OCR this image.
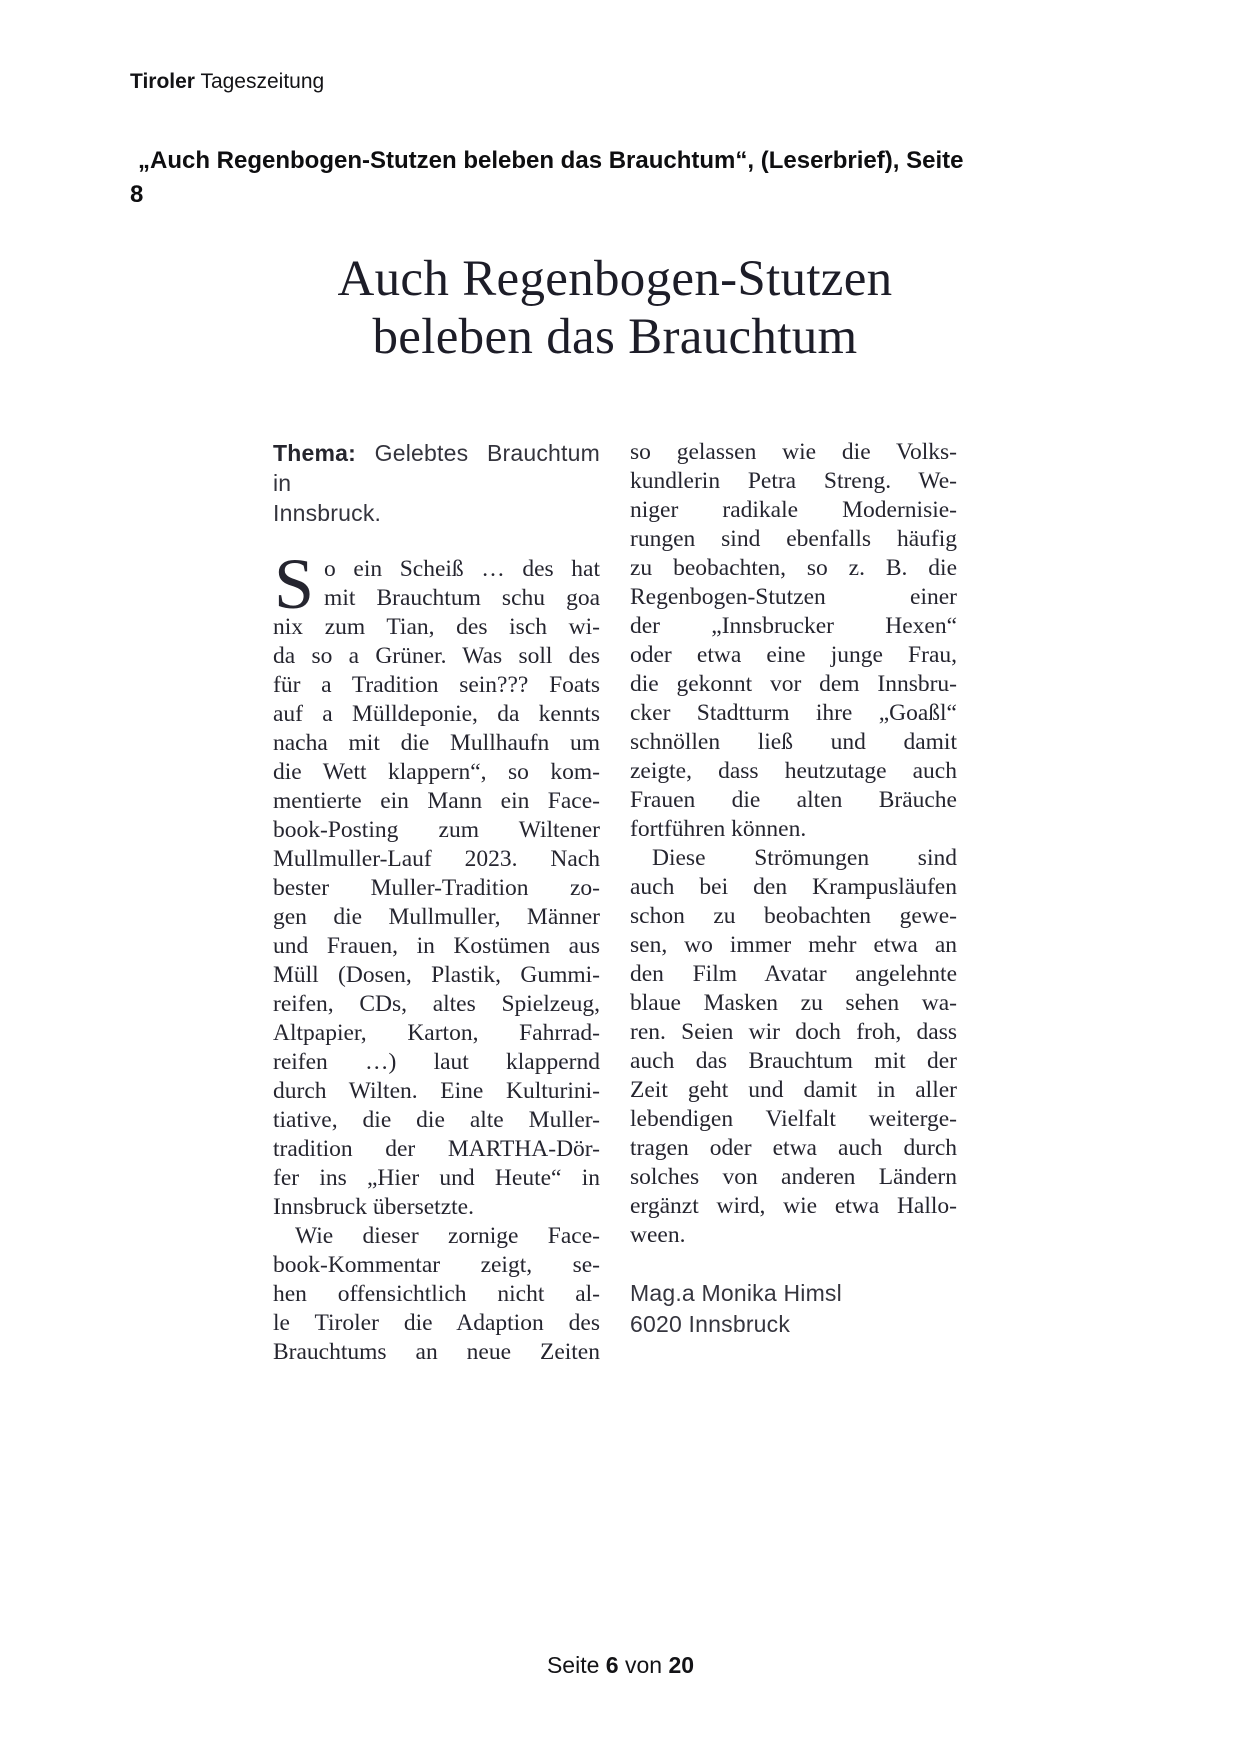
Tiroler Tageszeitung
„Auch Regenbogen-Stutzen beleben das Brauchtum“, (Leserbrief), Seite
8
Auch Regenbogen-Stutzen
beleben das Brauchtum
Thema: Gelebtes Brauchtum in
Innsbruck.
S o ein Scheiß … des hat
mit Brauchtum schu goa
nix zum Tian, des isch wi-
da so a Grüner. Was soll des
für a Tradition sein??? Foats
auf a Mülldeponie, da kennts
nacha mit die Mullhaufn um
die Wett klappern“, so kom-
mentierte ein Mann ein Face-
book-Posting zum Wiltener
Mullmuller-Lauf 2023. Nach
bester Muller-Tradition zo-
gen die Mullmuller, Männer
und Frauen, in Kostümen aus
Müll (Dosen, Plastik, Gummi-
reifen, CDs, altes Spielzeug,
Altpapier, Karton, Fahrrad-
reifen …) laut klappernd
durch Wilten. Eine Kulturini-
tiative, die die alte Muller-
tradition der MARTHA-Dör-
fer ins „Hier und Heute“ in
Innsbruck übersetzte.
Wie dieser zornige Face-
book-Kommentar zeigt, se-
hen offensichtlich nicht al-
le Tiroler die Adaption des
Brauchtums an neue Zeiten
so gelassen wie die Volks-
kundlerin Petra Streng. We-
niger radikale Modernisie-
rungen sind ebenfalls häufig
zu beobachten, so z. B. die
Regenbogen-Stutzen einer
der „Innsbrucker Hexen“
oder etwa eine junge Frau,
die gekonnt vor dem Innsbru-
cker Stadtturm ihre „Goaßl“
schnöllen ließ und damit
zeigte, dass heutzutage auch
Frauen die alten Bräuche
fortführen können.
Diese Strömungen sind
auch bei den Krampusläufen
schon zu beobachten gewe-
sen, wo immer mehr etwa an
den Film Avatar angelehnte
blaue Masken zu sehen wa-
ren. Seien wir doch froh, dass
auch das Brauchtum mit der
Zeit geht und damit in aller
lebendigen Vielfalt weiterge-
tragen oder etwa auch durch
solches von anderen Ländern
ergänzt wird, wie etwa Hallo-
ween.
Mag.a Monika Himsl
6020 Innsbruck
Seite 6 von 20
